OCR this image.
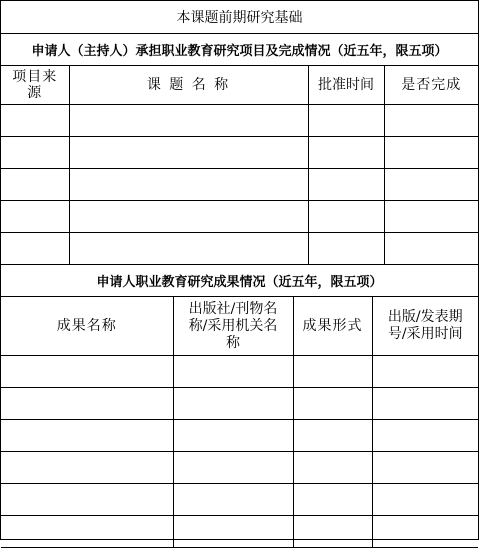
本课题前期研究基础			
申请人（主持人）承担职业教育研究项目及完成情况（近五年，限五项）			

项目来源	课 题 名 称	批准时间	是否完成

申请人职业教育研究成果情况（近五年，限五项）			
成果名称	出版社/刊物名称/采用机关名称	成果形式	出版/发表期号/采用时间
